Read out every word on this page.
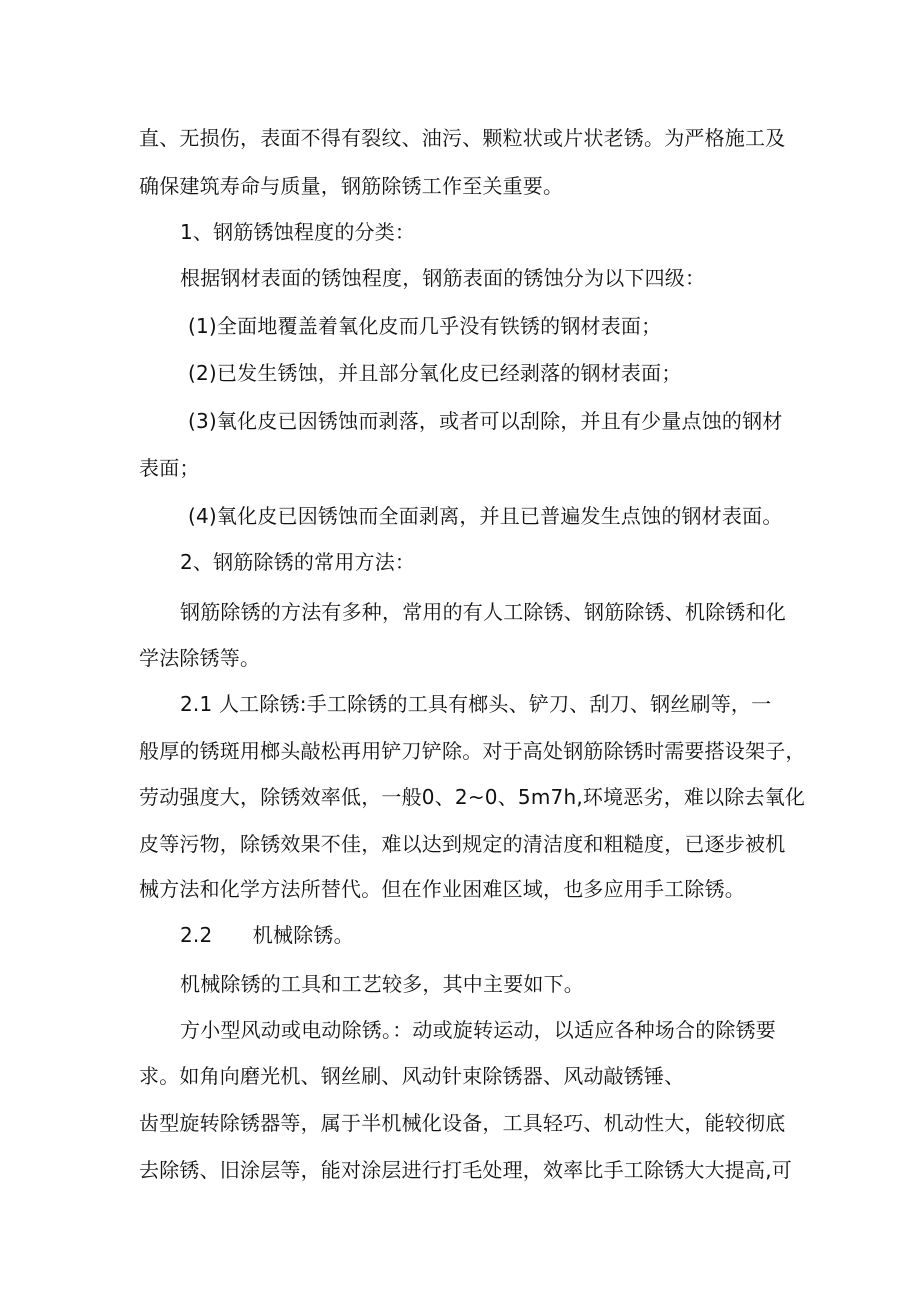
直、无损伤，表面不得有裂纹、油污、颗粒状或片状老锈。为严格施工及
确保建筑寿命与质量，钢筋除锈工作至关重要。
1、钢筋锈蚀程度的分类：
根据钢材表面的锈蚀程度，钢筋表面的锈蚀分为以下四级：
(1)全面地覆盖着氧化皮而几乎没有铁锈的钢材表面；
(2)已发生锈蚀，并且部分氧化皮已经剥落的钢材表面；
(3)氧化皮已因锈蚀而剥落，或者可以刮除，并且有少量点蚀的钢材
表面；
(4)氧化皮已因锈蚀而全面剥离，并且已普遍发生点蚀的钢材表面。
2、钢筋除锈的常用方法：
钢筋除锈的方法有多种，常用的有人工除锈、钢筋除锈、机除锈和化
学法除锈等。
2.1 人工除锈:手工除锈的工具有榔头、铲刀、刮刀、钢丝刷等，一
般厚的锈斑用榔头敲松再用铲刀铲除。对于高处钢筋除锈时需要搭设架子，
劳动强度大，除锈效率低，一般0、2~0、5m7h,环境恶劣，难以除去氧化
皮等污物，除锈效果不佳，难以达到规定的清洁度和粗糙度，已逐步被机
械方法和化学方法所替代。但在作业困难区域，也多应用手工除锈。
2.2　　机械除锈。
机械除锈的工具和工艺较多，其中主要如下。
方小型风动或电动除锈。：动或旋转运动，以适应各种场合的除锈要
求。如角向磨光机、钢丝刷、风动针束除锈器、风动敲锈锤、
齿型旋转除锈器等，属于半机械化设备，工具轻巧、机动性大，能较彻底
去除锈、旧涂层等，能对涂层进行打毛处理，效率比手工除锈大大提高,可
